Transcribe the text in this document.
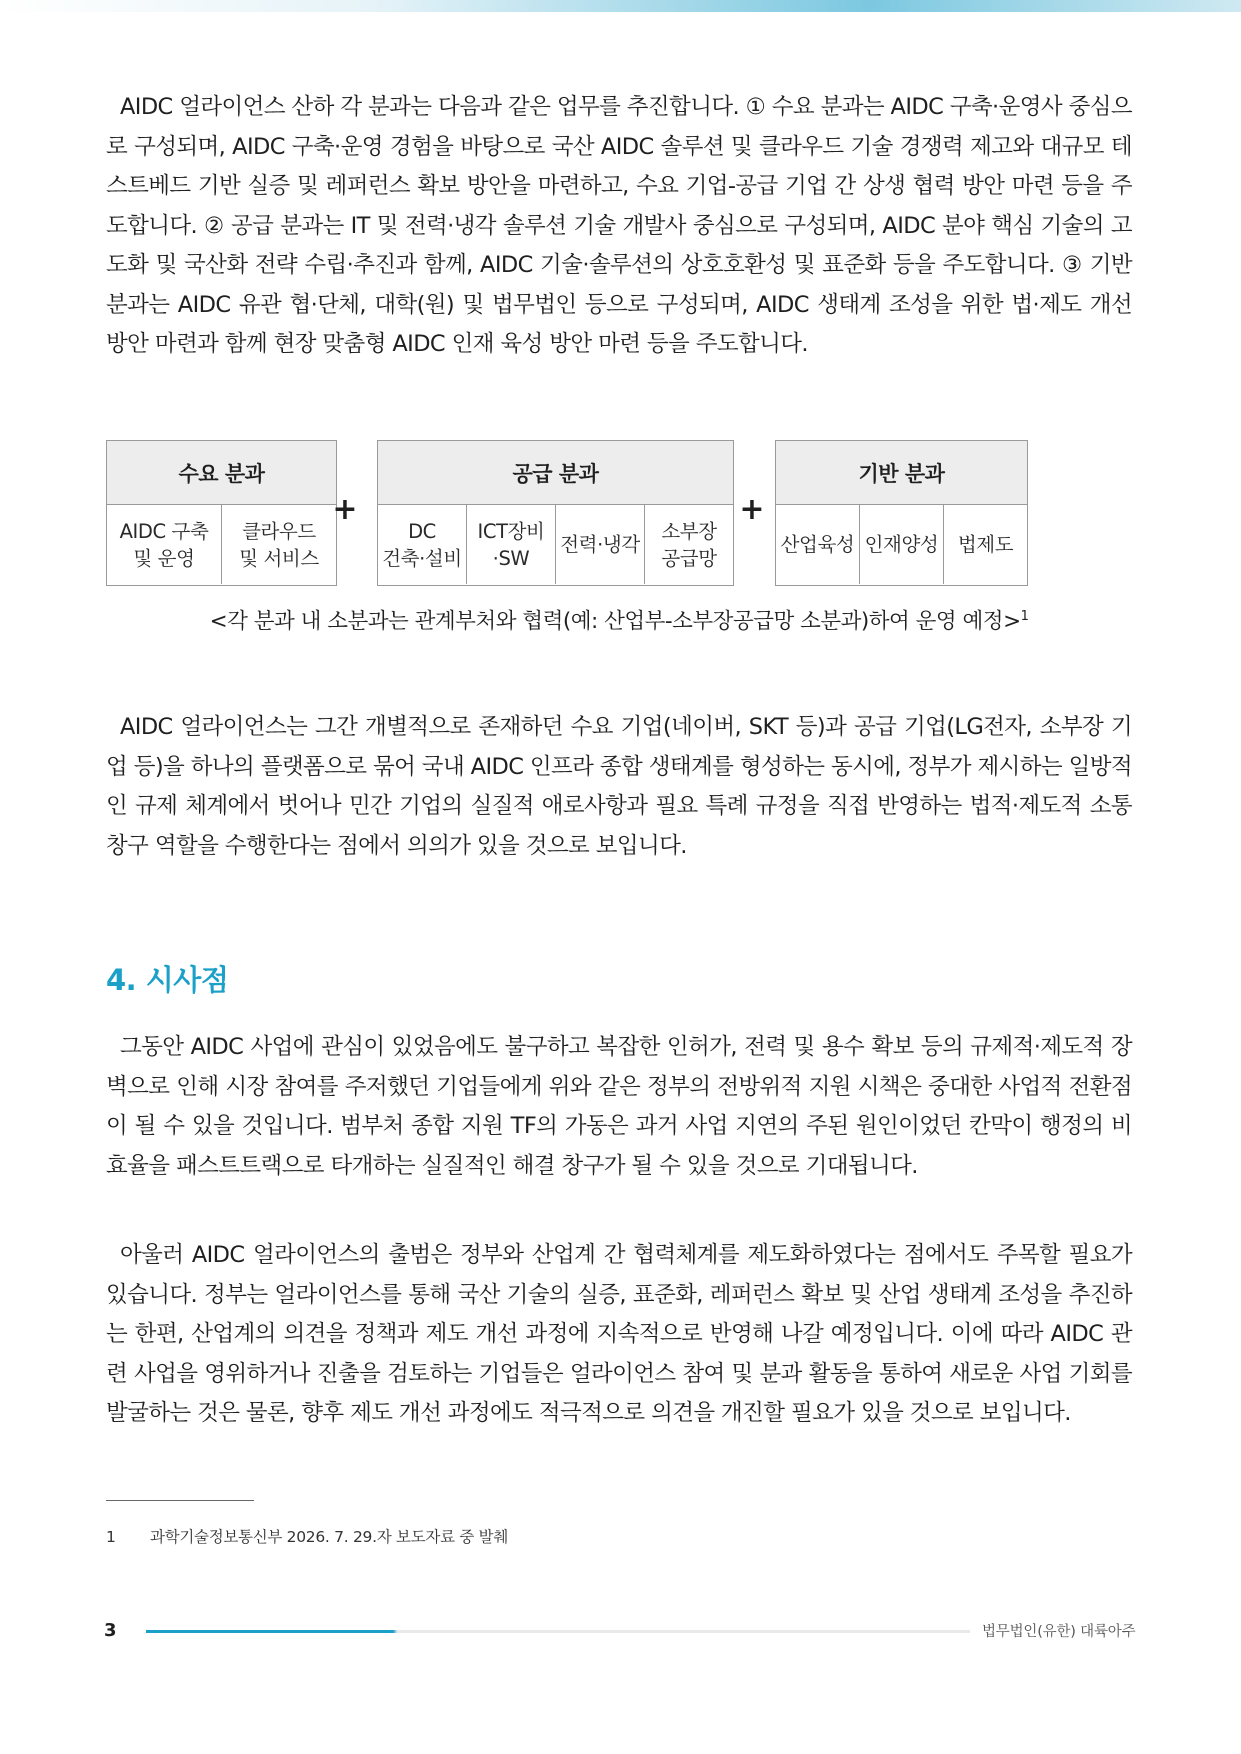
AIDC 얼라이언스 산하 각 분과는 다음과 같은 업무를 추진합니다. ① 수요 분과는 AIDC 구축·운영사 중심으로 구성되며, AIDC 구축·운영 경험을 바탕으로 국산 AIDC 솔루션 및 클라우드 기술 경쟁력 제고와 대규모 테스트베드 기반 실증 및 레퍼런스 확보 방안을 마련하고, 수요 기업-공급 기업 간 상생 협력 방안 마련 등을 주도합니다. ② 공급 분과는 IT 및 전력·냉각 솔루션 기술 개발사 중심으로 구성되며, AIDC 분야 핵심 기술의 고도화 및 국산화 전략 수립·추진과 함께, AIDC 기술·솔루션의 상호호환성 및 표준화 등을 주도합니다. ③ 기반 분과는 AIDC 유관 협·단체, 대학(원) 및 법무법인 등으로 구성되며, AIDC 생태계 조성을 위한 법·제도 개선 방안 마련과 함께 현장 맞춤형 AIDC 인재 육성 방안 마련 등을 주도합니다.

수요 분과
AIDC 구축
및 운영
클라우드
및 서비스
+
공급 분과
DC
건축·설비
ICT장비
·SW
전력·냉각
소부장
공급망
+
기반 분과
산업육성 인재양성 법제도
<각 분과 내 소분과는 관계부처와 협력(예: 산업부-소부장공급망 소분과)하여 운영 예정>$^1$

AIDC 얼라이언스는 그간 개별적으로 존재하던 수요 기업(네이버, SKT 등)과 공급 기업(LG전자, 소부장 기업 등)을 하나의 플랫폼으로 묶어 국내 AIDC 인프라 종합 생태계를 형성하는 동시에, 정부가 제시하는 일방적인 규제 체계에서 벗어나 민간 기업의 실질적 애로사항과 필요 특례 규정을 직접 반영하는 법적·제도적 소통 창구 역할을 수행한다는 점에서 의의가 있을 것으로 보입니다.

4. 시사점

그동안 AIDC 사업에 관심이 있었음에도 불구하고 복잡한 인허가, 전력 및 용수 확보 등의 규제적·제도적 장벽으로 인해 시장 참여를 주저했던 기업들에게 위와 같은 정부의 전방위적 지원 시책은 중대한 사업적 전환점이 될 수 있을 것입니다. 범부처 종합 지원 TF의 가동은 과거 사업 지연의 주된 원인이었던 칸막이 행정의 비효율을 패스트트랙으로 타개하는 실질적인 해결 창구가 될 수 있을 것으로 기대됩니다.

아울러 AIDC 얼라이언스의 출범은 정부와 산업계 간 협력체계를 제도화하였다는 점에서도 주목할 필요가 있습니다. 정부는 얼라이언스를 통해 국산 기술의 실증, 표준화, 레퍼런스 확보 및 산업 생태계 조성을 추진하는 한편, 산업계의 의견을 정책과 제도 개선 과정에 지속적으로 반영해 나갈 예정입니다. 이에 따라 AIDC 관련 사업을 영위하거나 진출을 검토하는 기업들은 얼라이언스 참여 및 분과 활동을 통하여 새로운 사업 기회를 발굴하는 것은 물론, 향후 제도 개선 과정에도 적극적으로 의견을 개진할 필요가 있을 것으로 보입니다.

1 과학기술정보통신부 2026. 7. 29.자 보도자료 중 발췌
3	법무법인(유한) 대륙아주
